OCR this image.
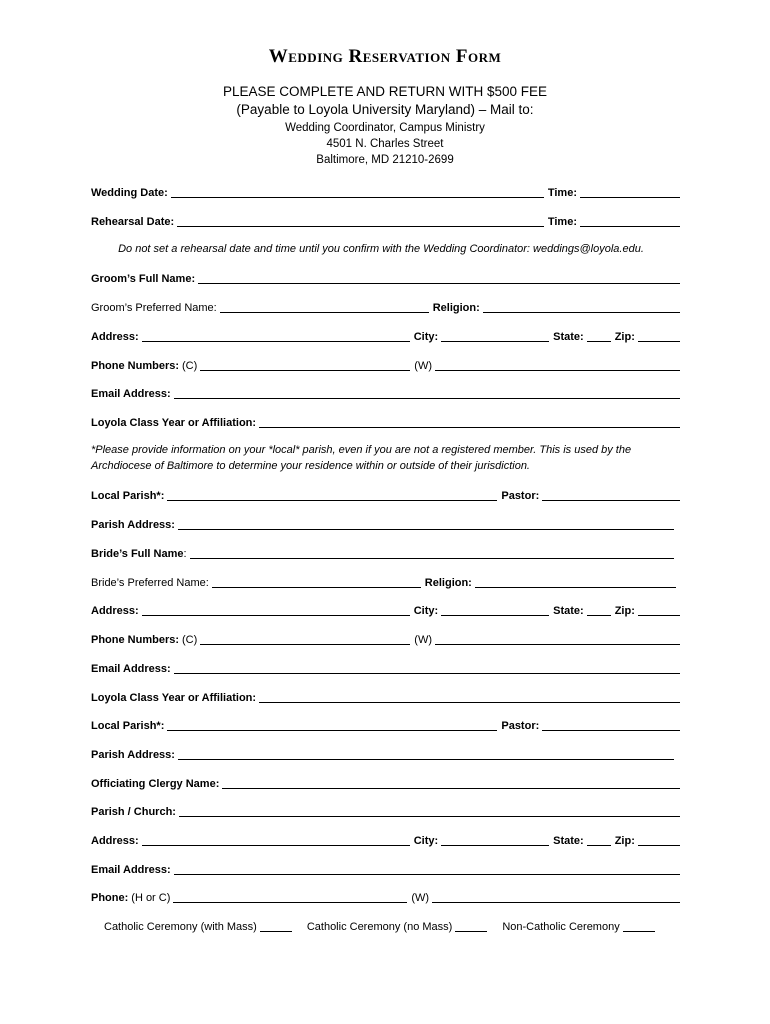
Wedding Reservation Form
PLEASE COMPLETE AND RETURN WITH $500 FEE
(Payable to Loyola University Maryland) – Mail to:
Wedding Coordinator, Campus Ministry
4501 N. Charles Street
Baltimore, MD 21210-2699
Wedding Date:	Time:
Rehearsal Date:	Time:
Do not set a rehearsal date and time until you confirm with the Wedding Coordinator: weddings@loyola.edu.
Groom’s Full Name:
Groom’s Preferred Name:	Religion:
Address:	City:	State:	Zip:
Phone Numbers: (C)	(W)
Email Address:
Loyola Class Year or Affiliation:
*Please provide information on your *local* parish, even if you are not a registered member. This is used by the Archdiocese of Baltimore to determine your residence within or outside of their jurisdiction.
Local Parish*:	Pastor:
Parish Address:
Bride’s Full Name :
Bride’s Preferred Name:	Religion:
Address:	City:	State:	Zip:
Phone Numbers: (C)	(W)
Email Address:
Loyola Class Year or Affiliation:
Local Parish*:	Pastor:
Parish Address:
Officiating Clergy Name:
Parish / Church:
Address:	City:	State:	Zip:
Email Address:
Phone: (H or C)	(W)
Catholic Ceremony (with Mass)	Catholic Ceremony (no Mass)	Non-Catholic Ceremony
